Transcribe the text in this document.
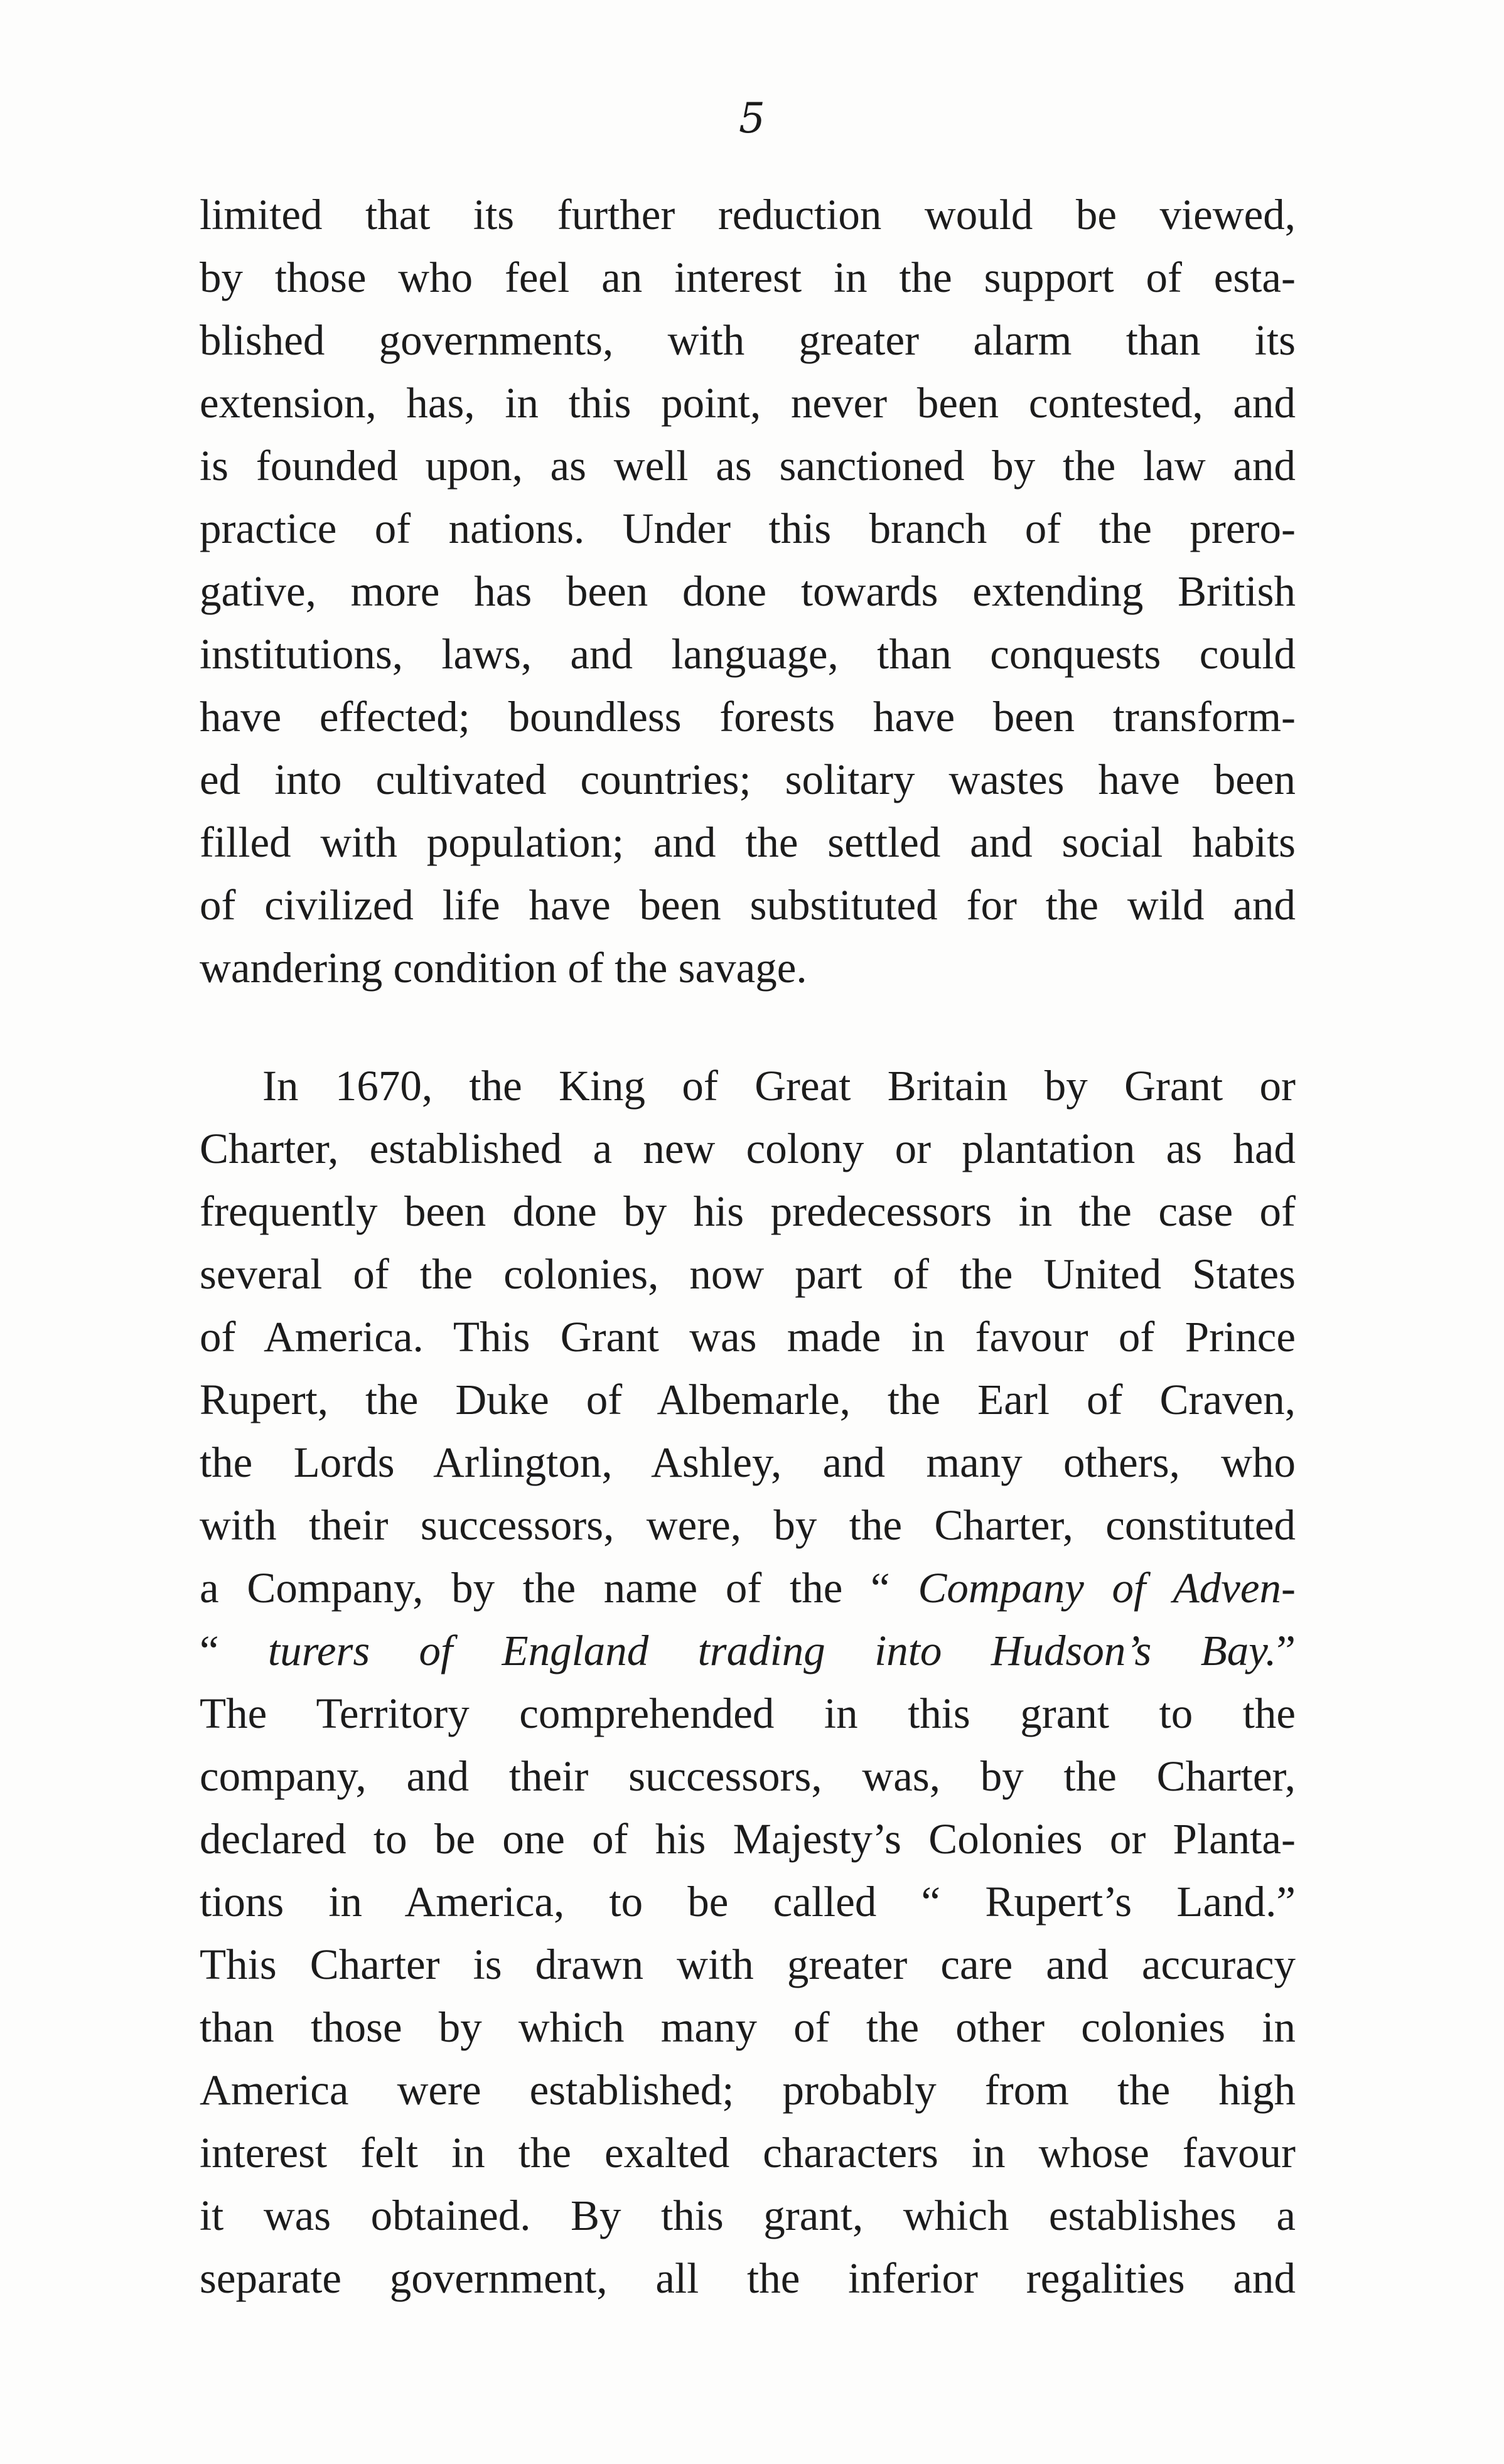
5
limited that its further reduction would be viewed,
by those who feel an interest in the support of esta-
blished governments, with greater alarm than its
extension, has, in this point, never been contested, and
is founded upon, as well as sanctioned by the law and
practice of nations. Under this branch of the prero-
gative, more has been done towards extending British
institutions, laws, and language, than conquests could
have effected; boundless forests have been transform-
ed into cultivated countries; solitary wastes have been
filled with population; and the settled and social habits
of civilized life have been substituted for the wild and
wandering condition of the savage.
In 1670, the King of Great Britain by Grant or
Charter, established a new colony or plantation as had
frequently been done by his predecessors in the case of
several of the colonies, now part of the United States
of America. This Grant was made in favour of Prince
Rupert, the Duke of Albemarle, the Earl of Craven,
the Lords Arlington, Ashley, and many others, who
with their successors, were, by the Charter, constituted
a Company, by the name of the “ Company of Adven-
“ turers of England trading into Hudson’s Bay.”
The Territory comprehended in this grant to the
company, and their successors, was, by the Charter,
declared to be one of his Majesty’s Colonies or Planta-
tions in America, to be called “ Rupert’s Land.”
This Charter is drawn with greater care and accuracy
than those by which many of the other colonies in
America were established; probably from the high
interest felt in the exalted characters in whose favour
it was obtained. By this grant, which establishes a
separate government, all the inferior regalities and
